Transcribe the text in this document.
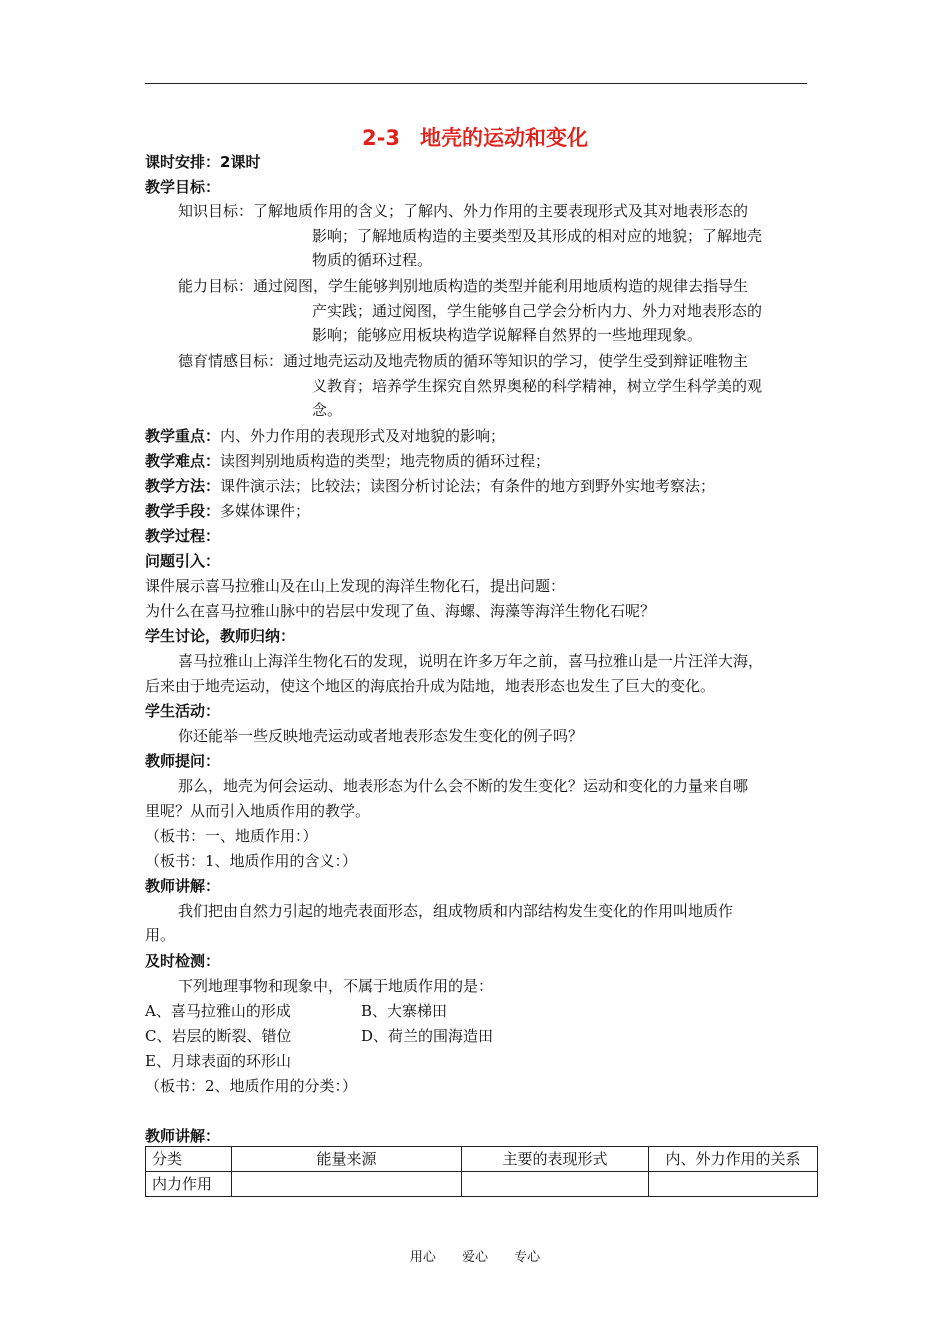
2-3 地壳的运动和变化
课时安排：2课时
教学目标：
知识目标：了解地质作用的含义；了解内、外力作用的主要表现形式及其对地表形态的
影响；了解地质构造的主要类型及其形成的相对应的地貌；了解地壳
物质的循环过程。
能力目标：通过阅图，学生能够判别地质构造的类型并能利用地质构造的规律去指导生
产实践；通过阅图，学生能够自己学会分析内力、外力对地表形态的
影响；能够应用板块构造学说解释自然界的一些地理现象。
德育情感目标：通过地壳运动及地壳物质的循环等知识的学习，使学生受到辩证唯物主
义教育；培养学生探究自然界奥秘的科学精神，树立学生科学美的观
念。
教学重点：内、外力作用的表现形式及对地貌的影响；
教学难点：读图判别地质构造的类型；地壳物质的循环过程；
教学方法：课件演示法；比较法；读图分析讨论法；有条件的地方到野外实地考察法；
教学手段：多媒体课件；
教学过程：
问题引入：
课件展示喜马拉雅山及在山上发现的海洋生物化石，提出问题：
为什么在喜马拉雅山脉中的岩层中发现了鱼、海螺、海藻等海洋生物化石呢？
学生讨论，教师归纳：
喜马拉雅山上海洋生物化石的发现，说明在许多万年之前，喜马拉雅山是一片汪洋大海，
后来由于地壳运动，使这个地区的海底抬升成为陆地，地表形态也发生了巨大的变化。
学生活动：
你还能举一些反映地壳运动或者地表形态发生变化的例子吗？
教师提问：
那么，地壳为何会运动、地表形态为什么会不断的发生变化？运动和变化的力量来自哪
里呢？从而引入地质作用的教学。
（板书：一、地质作用：）
（板书：1、地质作用的含义：）
教师讲解：
我们把由自然力引起的地壳表面形态，组成物质和内部结构发生变化的作用叫地质作
用。
及时检测：
下列地理事物和现象中，不属于地质作用的是：
A、喜马拉雅山的形成	B、大寨梯田
C、岩层的断裂、错位	D、荷兰的围海造田
E、月球表面的环形山
（板书：2、地质作用的分类：）
教师讲解：
分类	能量来源	主要的表现形式	内、外力作用的关系
内力作用			
用心 爱心 专心
